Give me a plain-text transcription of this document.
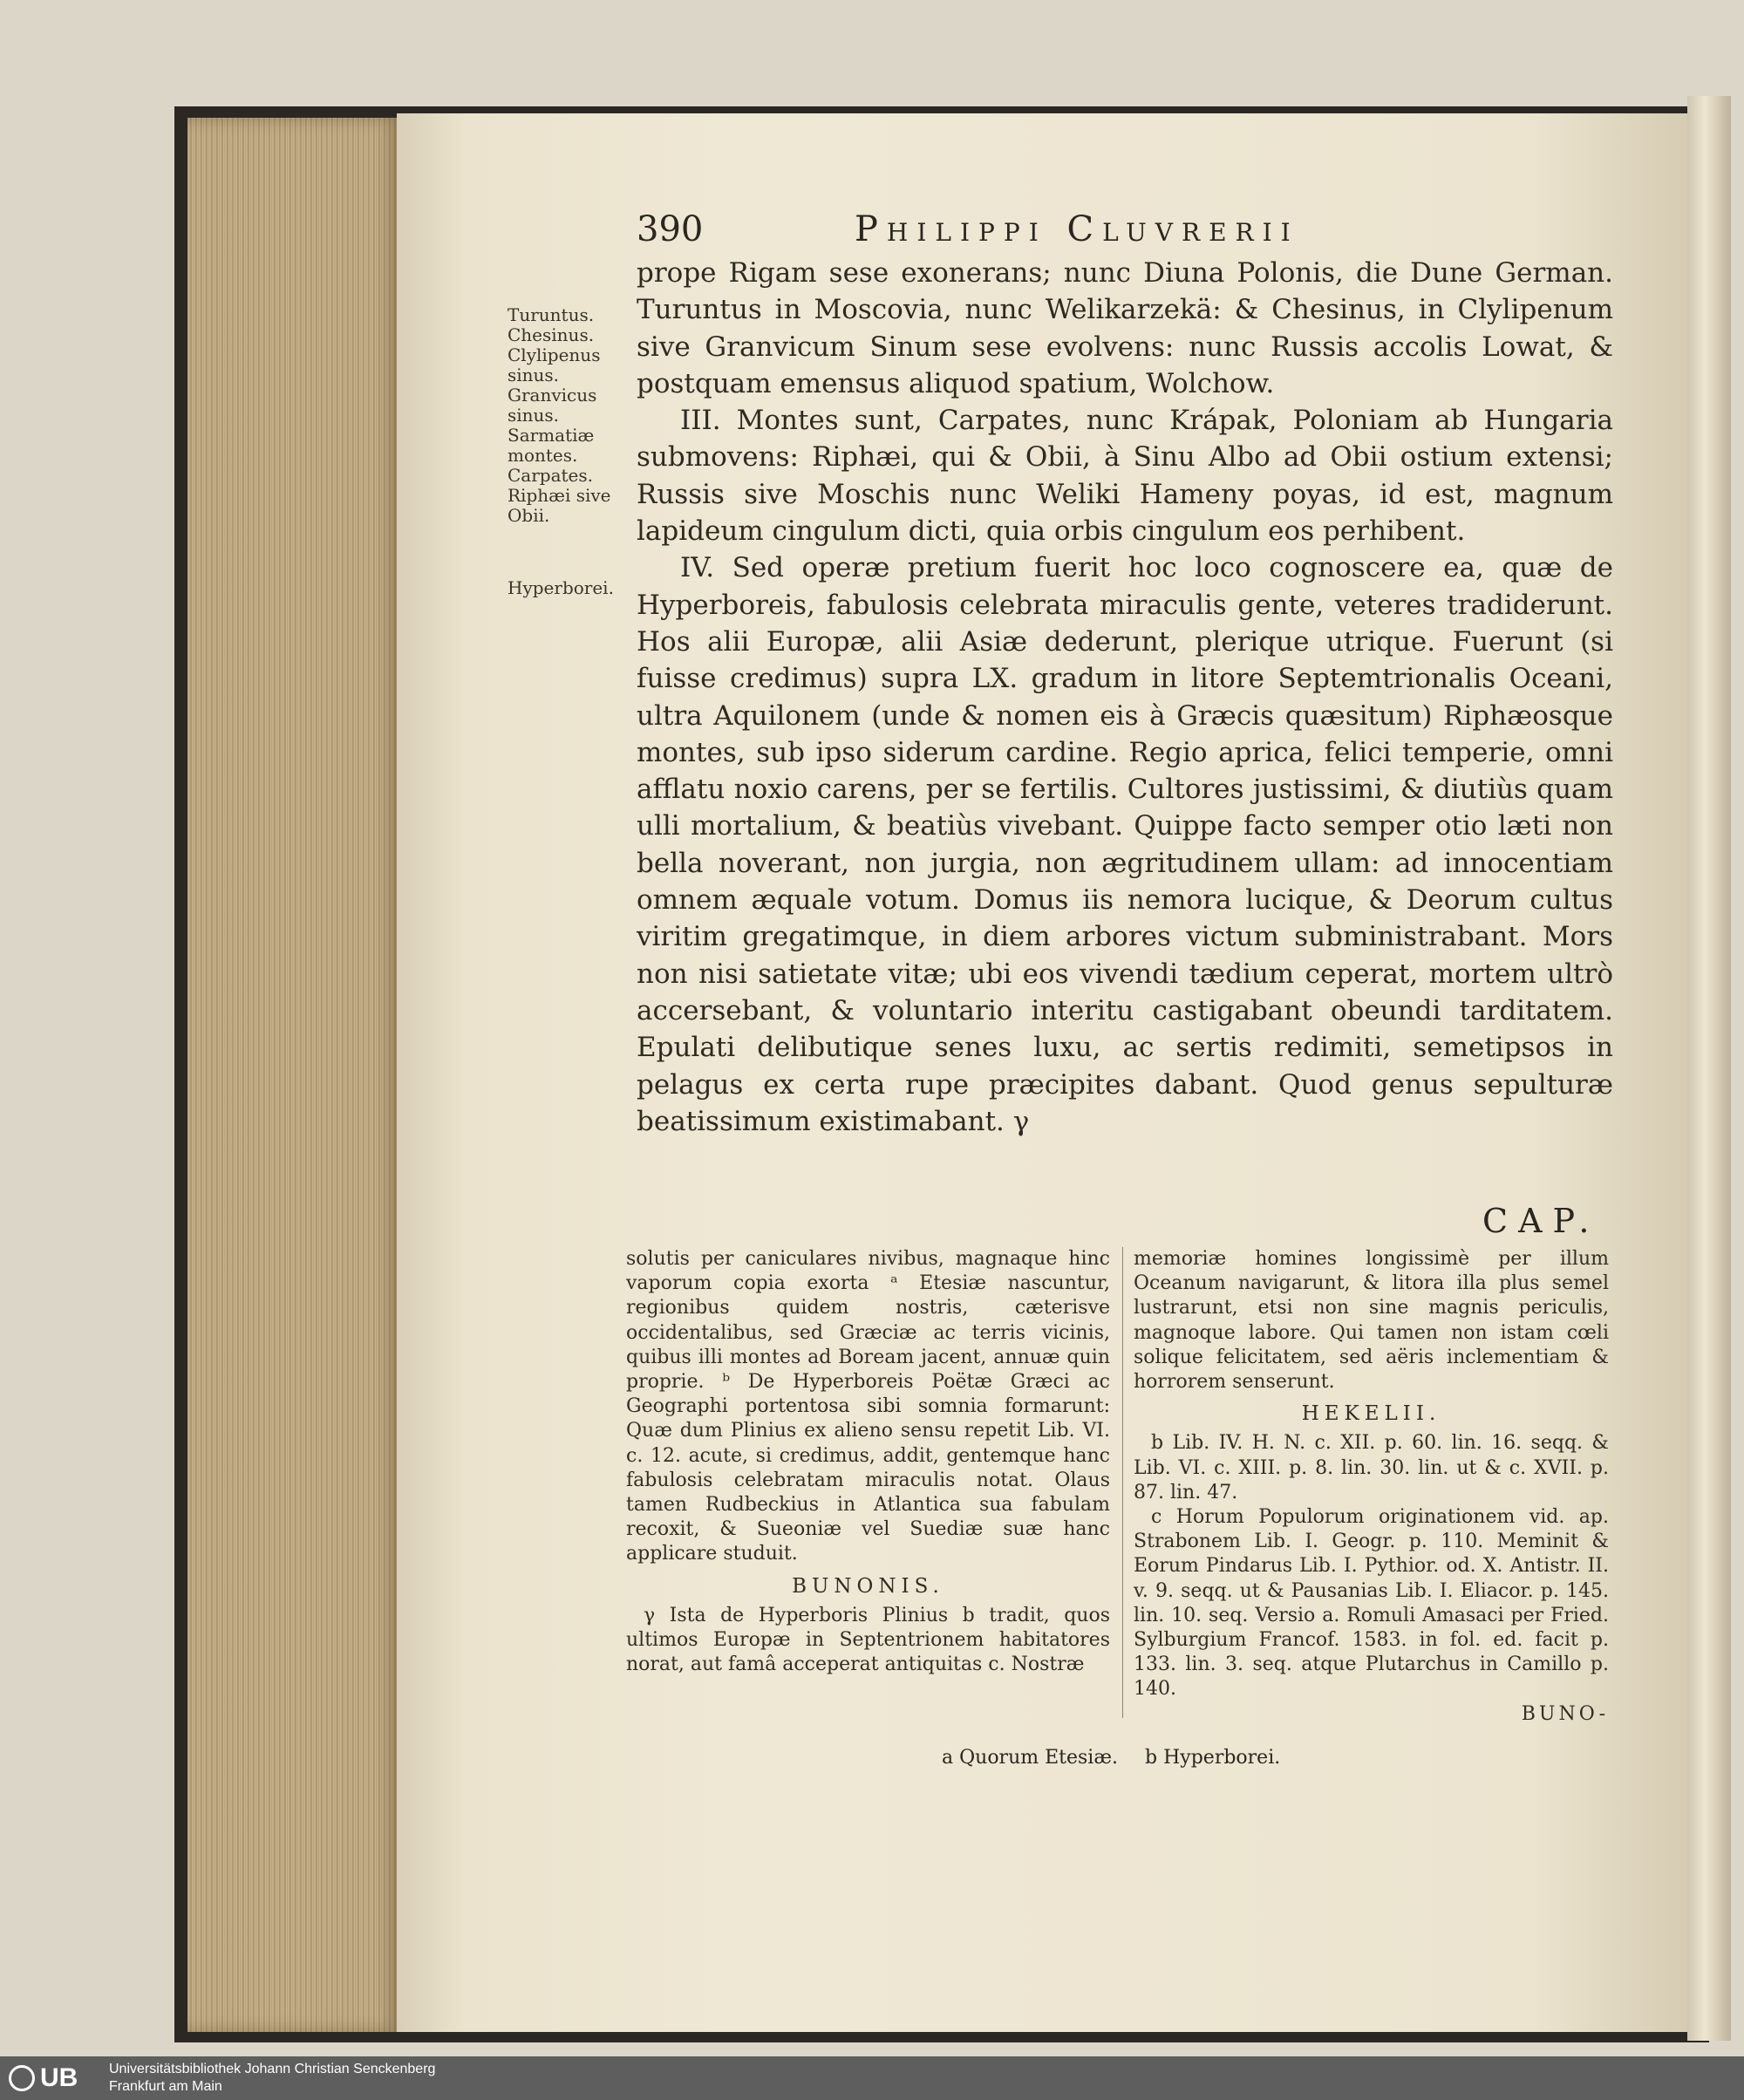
390	Philippi Cluvrerii
Turuntus.
Chesinus.
Clylipenus
sinus.
Granvicus
sinus.
Sarmatiæ
montes.
Carpates.
Riphæi sive
Obii.
Hyperborei.

prope Rigam sese exonerans; nunc Diuna Polonis, die Dune German. Turuntus in Moscovia, nunc Welikarzekä: & Chesinus, in Clylipenum sive Granvicum Sinum sese evolvens: nunc Russis accolis Lowat, & postquam emensus aliquod spatium, Wolchow.

III. Montes sunt, Carpates, nunc Krápak, Poloniam ab Hungaria submovens: Riphæi, qui & Obii, à Sinu Albo ad Obii ostium extensi; Russis sive Moschis nunc Weliki Hameny poyas, id est, magnum lapideum cingulum dicti, quia orbis cingulum eos perhibent.

IV. Sed operæ pretium fuerit hoc loco cognoscere ea, quæ de Hyperboreis, fabulosis celebrata miraculis gente, veteres tradiderunt. Hos alii Europæ, alii Asiæ dederunt, plerique utrique. Fuerunt (si fuisse credimus) supra LX. gradum in litore Septemtrionalis Oceani, ultra Aquilonem (unde & nomen eis à Græcis quæsitum) Riphæosque montes, sub ipso siderum cardine. Regio aprica, felici temperie, omni afflatu noxio carens, per se fertilis. Cultores justissimi, & diutiùs quam ulli mortalium, & beatiùs vivebant. Quippe facto semper otio læti non bella noverant, non jurgia, non ægritudinem ullam: ad innocentiam omnem æquale votum. Domus iis nemora lucique, & Deorum cultus viritim gregatimque, in diem arbores victum subministrabant. Mors non nisi satietate vitæ; ubi eos vivendi tædium ceperat, mortem ultrò accersebant, & voluntario interitu castigabant obeundi tarditatem. Epulati delibutique senes luxu, ac sertis redimiti, semetipsos in pelagus ex certa rupe præcipites dabant. Quod genus sepulturæ beatissimum existimabant. γ

CAP.

solutis per caniculares nivibus, magnaque hinc vaporum copia exorta ᵃ Etesiæ nascuntur, regionibus quidem nostris, cæterisve occidentalibus, sed Græciæ ac terris vicinis, quibus illi montes ad Boream jacent, annuæ quin proprie. ᵇ De Hyperboreis Poëtæ Græci ac Geographi portentosa sibi somnia formarunt: Quæ dum Plinius ex alieno sensu repetit Lib. VI. c. 12. acute, si credimus, addit, gentemque hanc fabulosis celebratam miraculis notat. Olaus tamen Rudbeckius in Atlantica sua fabulam recoxit, & Sueoniæ vel Suediæ suæ hanc applicare studuit.

BUNONIS.

γ Ista de Hyperboris Plinius b tradit, quos ultimos Europæ in Septentrionem habitatores norat, aut famâ acceperat antiquitas c. Nostræ

memoriæ homines longissimè per illum Oceanum navigarunt, & litora illa plus semel lustrarunt, etsi non sine magnis periculis, magnoque labore. Qui tamen non istam cœli solique felicitatem, sed aëris inclementiam & horrorem senserunt.

HEKELII.

b Lib. IV. H. N. c. XII. p. 60. lin. 16. seqq. & Lib. VI. c. XIII. p. 8. lin. 30. lin. ut & c. XVII. p. 87. lin. 47.

c Horum Populorum originationem vid. ap. Strabonem Lib. I. Geogr. p. 110. Meminit & Eorum Pindarus Lib. I. Pythior. od. X. Antistr. II. v. 9. seqq. ut & Pausanias Lib. I. Eliacor. p. 145. lin. 10. seq. Versio a. Romuli Amasaci per Fried. Sylburgium Francof. 1583. in fol. ed. facit p. 133. lin. 3. seq. atque Plutarchus in Camillo p. 140.

BUNO-
a Quorum Etesiæ. b Hyperborei.
UB Universitätsbibliothek Johann Christian Senckenberg
Frankfurt am Main
